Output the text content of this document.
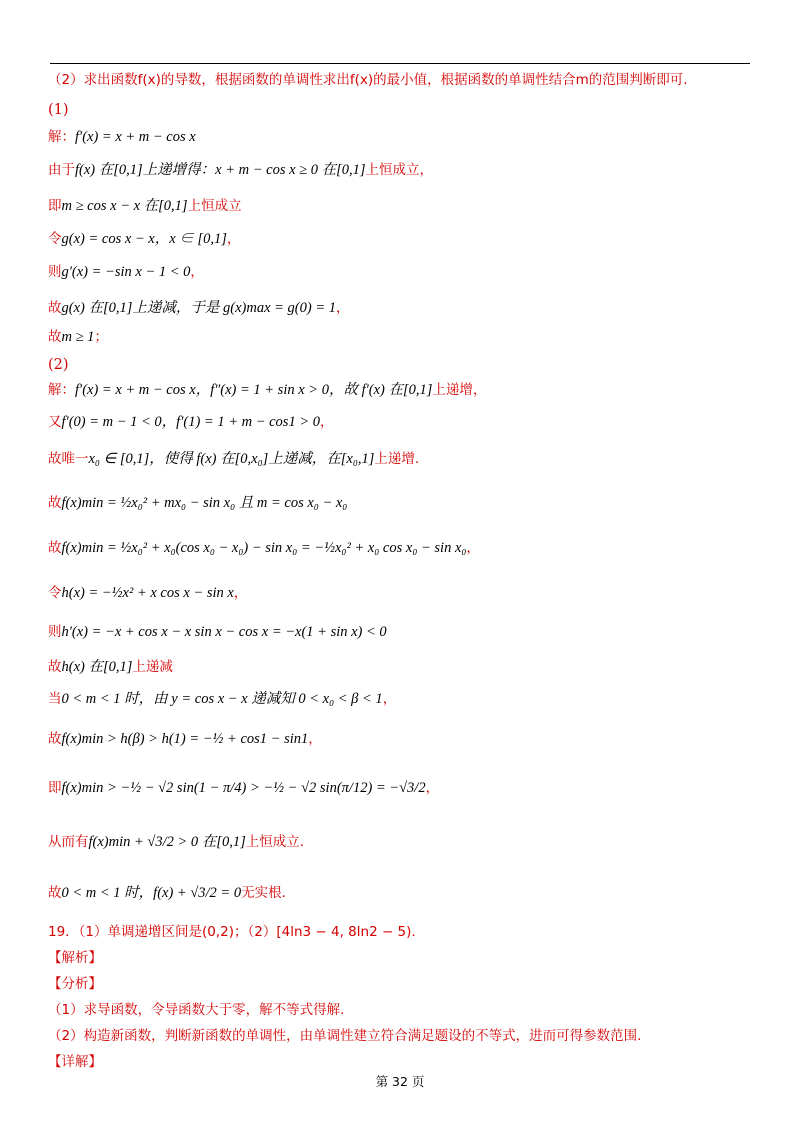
（2）求出函数f(x)的导数，根据函数的单调性求出f(x)的最小值，根据函数的单调性结合m的范围判断即可.
(1)
解：f′(x) = x + m − cos x
由于f(x) 在[0,1]上递增得：x + m − cos x ≥ 0 在[0,1]上恒成立，
即m ≥ cos x − x 在[0,1]上恒成立
令g(x) = cos x − x，x ∈ [0,1]，
则g′(x) = −sin x − 1 < 0，
故g(x) 在[0,1]上递减，于是 g(x)max = g(0) = 1，
故m ≥ 1；
(2)
解：f′(x) = x + m − cos x，f″(x) = 1 + sin x > 0，故 f′(x) 在[0,1]上递增，
又f′(0) = m − 1 < 0，f′(1) = 1 + m − cos1 > 0，
故唯一x₀ ∈ [0,1]，使得 f(x) 在[0,x₀]上递减，在[x₀,1]上递增.
故f(x)min = ½x₀² + mx₀ − sin x₀ 且 m = cos x₀ − x₀
故f(x)min = ½x₀² + x₀(cos x₀ − x₀) − sin x₀ = −½x₀² + x₀ cos x₀ − sin x₀，
令h(x) = −½x² + x cos x − sin x，
则h′(x) = −x + cos x − x sin x − cos x = −x(1 + sin x) < 0
故h(x) 在[0,1]上递减
当0 < m < 1 时，由 y = cos x − x 递减知 0 < x₀ < β < 1，
故f(x)min > h(β) > h(1) = −½ + cos1 − sin1，
即f(x)min > −½ − √2 sin(1 − π/4) > −½ − √2 sin(π/12) = −√3/2，
从而有f(x)min + √3/2 > 0 在[0,1]上恒成立.
故0 < m < 1 时，f(x) + √3/2 = 0无实根.
19．（1）单调递增区间是(0,2)；（2）[4ln3 − 4, 8ln2 − 5).
【解析】
【分析】
（1）求导函数，令导函数大于零，解不等式得解.
（2）构造新函数，判断新函数的单调性，由单调性建立符合满足题设的不等式，进而可得参数范围.
【详解】
第 32 页
